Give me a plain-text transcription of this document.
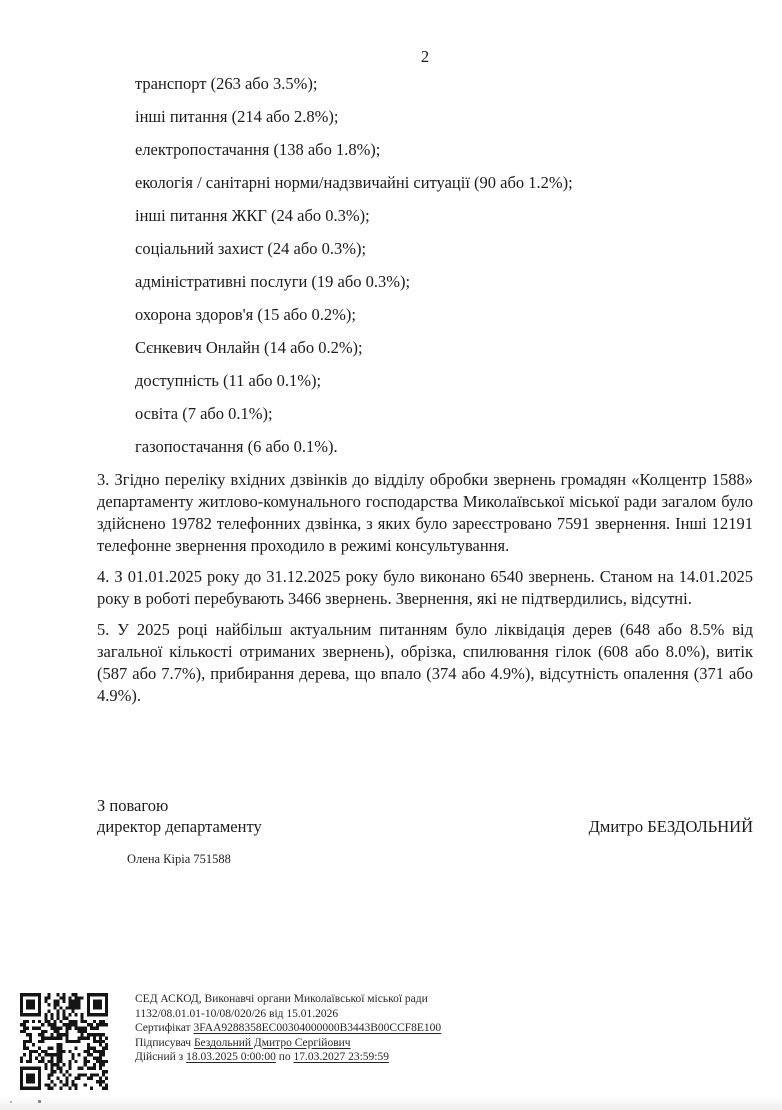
2

транспорт (263 або 3.5%);

інші питання (214 або 2.8%);

електропостачання (138 або 1.8%);

екологія / санітарні норми/надзвичайні ситуації (90 або 1.2%);

інші питання ЖКГ (24 або 0.3%);

соціальний захист (24 або 0.3%);

адміністративні послуги (19 або 0.3%);

охорона здоров'я (15 або 0.2%);

Сєнкевич Онлайн (14 або 0.2%);

доступність (11 або 0.1%);

освіта (7 або 0.1%);

газопостачання (6 або 0.1%).

3. Згідно переліку вхідних дзвінків до відділу обробки звернень громадян «Колцентр 1588» департаменту житлово-комунального господарства Миколаївської міської ради загалом було здійснено 19782 телефонних дзвінка, з яких було зареєстровано 7591 звернення. Інші 12191 телефонне звернення проходило в режимі консультування.

4. З 01.01.2025 року до 31.12.2025 року було виконано 6540 звернень. Станом на 14.01.2025 року в роботі перебувають 3466 звернень. Звернення, які не підтвердились, відсутні.

5. У 2025 році найбільш актуальним питанням було ліквідація дерев (648 або 8.5% від загальної кількості отриманих звернень), обрізка, спилювання гілок (608 або 8.0%), витік (587 або 7.7%), прибирання дерева, що впало (374 або 4.9%), відсутність опалення (371 або 4.9%).

З повагою
директор департаменту	Дмитро БЕЗДОЛЬНИЙ
Олена Кіріа 751588
СЕД АСКОД, Виконавчі органи Миколаївської міської ради
1132/08.01.01-10/08/020/26 від 15.01.2026
Сертифікат 3FAA9288358EC00304000000B3443B00CCF8E100
Підписувач Бездольний Дмитро Сергійович
Дійсний з 18.03.2025 0:00:00 по 17.03.2027 23:59:59
